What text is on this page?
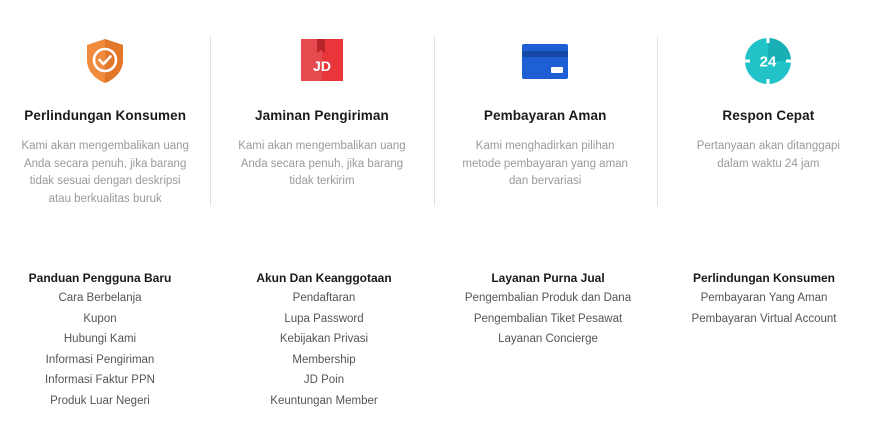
Perlindungan Konsumen
Kami akan mengembalikan uang
Anda secara penuh, jika barang
tidak sesuai dengan deskripsi
atau berkualitas buruk
JD
Jaminan Pengiriman
Kami akan mengembalikan uang
Anda secara penuh, jika barang
tidak terkirim
Pembayaran Aman
Kami menghadirkan pilihan
metode pembayaran yang aman
dan bervariasi
24
Respon Cepat
Pertanyaan akan ditanggapi
dalam waktu 24 jam
Panduan Pengguna Baru
Cara Berbelanja
Kupon
Hubungi Kami
Informasi Pengiriman
Informasi Faktur PPN
Produk Luar Negeri
Akun Dan Keanggotaan
Pendaftaran
Lupa Password
Kebijakan Privasi
Membership
JD Poin
Keuntungan Member
Layanan Purna Jual
Pengembalian Produk dan Dana
Pengembalian Tiket Pesawat
Layanan Concierge
Perlindungan Konsumen
Pembayaran Yang Aman
Pembayaran Virtual Account
